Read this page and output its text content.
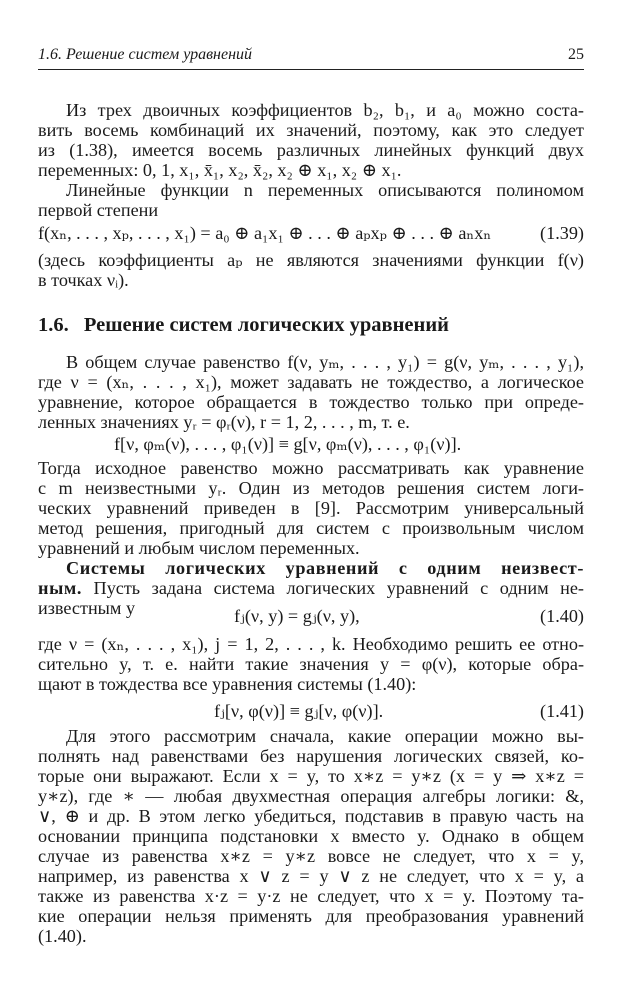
1.6. Решение систем уравнений	25
Из трех двоичных коэффициентов b₂, b₁, и a₀ можно соста-
вить восемь комбинаций их значений, поэтому, как это следует
из (1.38), имеется восемь различных линейных функций двух
переменных: 0, 1, x₁, x̄₁, x₂, x̄₂, x₂ ⊕ x₁, x₂ ⊕ x₁.
Линейные функции n переменных описываются полиномом
первой степени
f(xₙ, . . . , xₚ, . . . , x₁) = a₀ ⊕ a₁x₁ ⊕ . . . ⊕ aₚxₚ ⊕ . . . ⊕ aₙxₙ	(1.39)
(здесь коэффициенты aₚ не являются значениями функции f(ν)
в точках νᵢ).
1.6. Решение систем логических уравнений
В общем случае равенство f(ν, yₘ, . . . , y₁) = g(ν, yₘ, . . . , y₁),
где ν = (xₙ, . . . , x₁), может задавать не тождество, а логическое
уравнение, которое обращается в тождество только при опреде-
ленных значениях yᵣ = φᵣ(ν), r = 1, 2, . . . , m, т. е.
f[ν, φₘ(ν), . . . , φ₁(ν)] ≡ g[ν, φₘ(ν), . . . , φ₁(ν)].
Тогда исходное равенство можно рассматривать как уравнение
с m неизвестными yᵣ. Один из методов решения систем логи-
ческих уравнений приведен в [9]. Рассмотрим универсальный
метод решения, пригодный для систем с произвольным числом
уравнений и любым числом переменных.
Системы логических уравнений с одним неизвест-
ным. Пусть задана система логических уравнений с одним не-
известным y	fⱼ(ν, y) = gⱼ(ν, y),	(1.40)
где ν = (xₙ, . . . , x₁), j = 1, 2, . . . , k. Необходимо решить ее отно-
сительно y, т. е. найти такие значения y = φ(ν), которые обра-
щают в тождества все уравнения системы (1.40):
fⱼ[ν, φ(ν)] ≡ gⱼ[ν, φ(ν)].	(1.41)
Для этого рассмотрим сначала, какие операции можно вы-
полнять над равенствами без нарушения логических связей, ко-
торые они выражают. Если x = y, то x∗z = y∗z (x = y ⇒ x∗z =
y∗z), где ∗ — любая двухместная операция алгебры логики: &,
∨, ⊕ и др. В этом легко убедиться, подставив в правую часть на
основании принципа подстановки x вместо y. Однако в общем
случае из равенства x∗z = y∗z вовсе не следует, что x = y,
например, из равенства x ∨ z = y ∨ z не следует, что x = y, а
также из равенства x·z = y·z не следует, что x = y. Поэтому та-
кие операции нельзя применять для преобразования уравнений
(1.40).
